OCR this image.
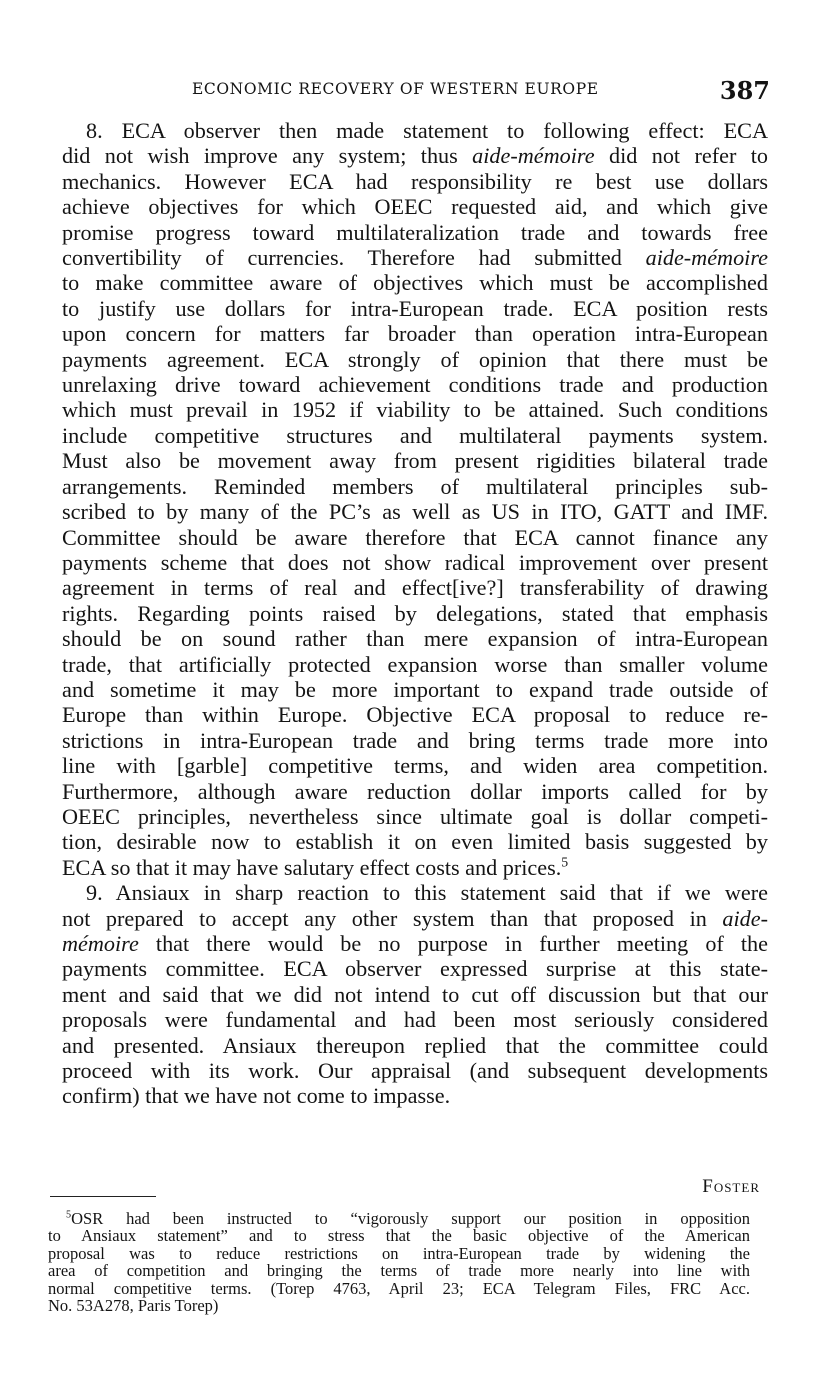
ECONOMIC RECOVERY OF WESTERN EUROPE	387
8. ECA observer then made statement to following effect: ECA
did not wish improve any system; thus aide-mémoire did not refer to
mechanics. However ECA had responsibility re best use dollars
achieve objectives for which OEEC requested aid, and which give
promise progress toward multilateralization trade and towards free
convertibility of currencies. Therefore had submitted aide-mémoire
to make committee aware of objectives which must be accomplished
to justify use dollars for intra-European trade. ECA position rests
upon concern for matters far broader than operation intra-European
payments agreement. ECA strongly of opinion that there must be
unrelaxing drive toward achievement conditions trade and production
which must prevail in 1952 if viability to be attained. Such conditions
include competitive structures and multilateral payments system.
Must also be movement away from present rigidities bilateral trade
arrangements. Reminded members of multilateral principles sub-
scribed to by many of the PC’s as well as US in ITO, GATT and IMF.
Committee should be aware therefore that ECA cannot finance any
payments scheme that does not show radical improvement over present
agreement in terms of real and effect[ive?] transferability of drawing
rights. Regarding points raised by delegations, stated that emphasis
should be on sound rather than mere expansion of intra-European
trade, that artificially protected expansion worse than smaller volume
and sometime it may be more important to expand trade outside of
Europe than within Europe. Objective ECA proposal to reduce re-
strictions in intra-European trade and bring terms trade more into
line with [garble] competitive terms, and widen area competition.
Furthermore, although aware reduction dollar imports called for by
OEEC principles, nevertheless since ultimate goal is dollar competi-
tion, desirable now to establish it on even limited basis suggested by
ECA so that it may have salutary effect costs and prices.$^5$
9. Ansiaux in sharp reaction to this statement said that if we were
not prepared to accept any other system than that proposed in aide-
mémoire that there would be no purpose in further meeting of the
payments committee. ECA observer expressed surprise at this state-
ment and said that we did not intend to cut off discussion but that our
proposals were fundamental and had been most seriously considered
and presented. Ansiaux thereupon replied that the committee could
proceed with its work. Our appraisal (and subsequent developments
confirm) that we have not come to impasse.
Foster
$^5$OSR had been instructed to “vigorously support our position in opposition
to Ansiaux statement” and to stress that the basic objective of the American
proposal was to reduce restrictions on intra-European trade by widening the
area of competition and bringing the terms of trade more nearly into line with
normal competitive terms. (Torep 4763, April 23; ECA Telegram Files, FRC Acc.
No. 53A278, Paris Torep)
